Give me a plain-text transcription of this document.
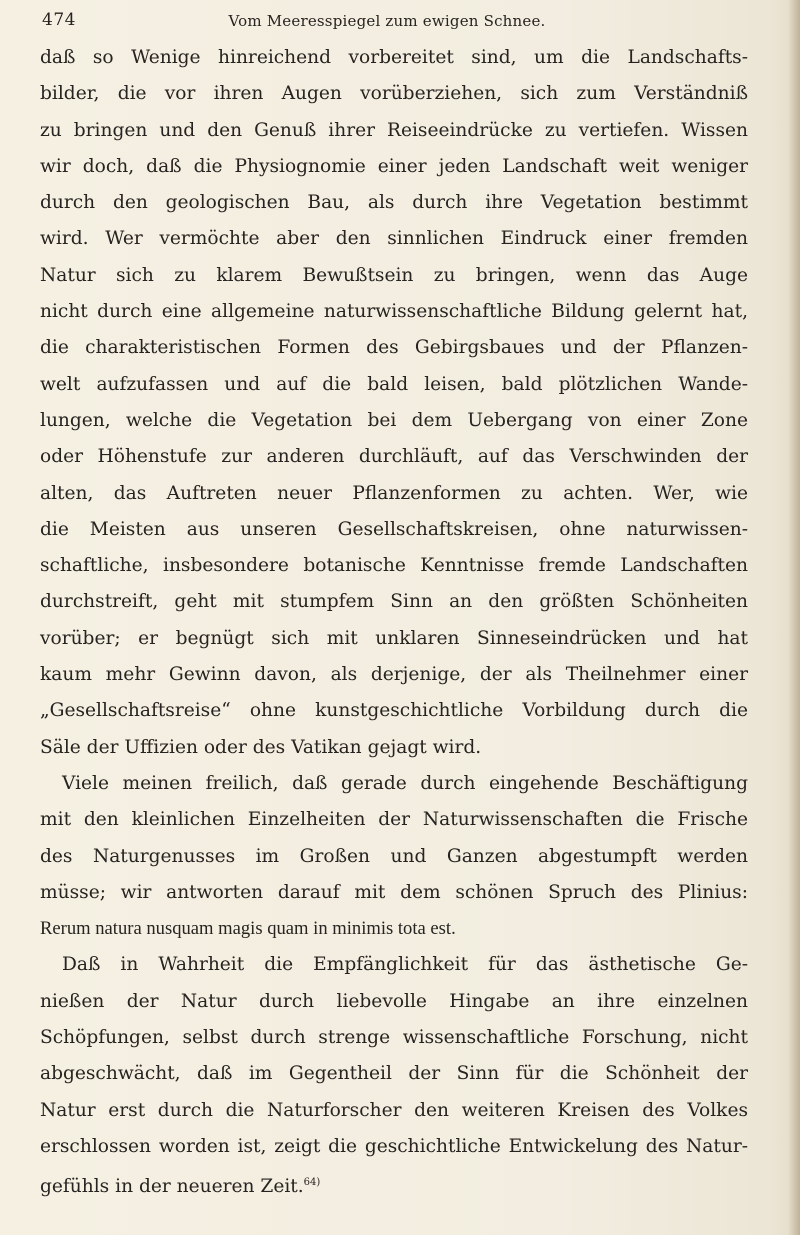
474	Vom Meeresspiegel zum ewigen Schnee.
daß so Wenige hinreichend vorbereitet sind, um die Landschafts-
bilder, die vor ihren Augen vorüberziehen, sich zum Verständniß
zu bringen und den Genuß ihrer Reiseeindrücke zu vertiefen. Wissen
wir doch, daß die Physiognomie einer jeden Landschaft weit weniger
durch den geologischen Bau, als durch ihre Vegetation bestimmt
wird. Wer vermöchte aber den sinnlichen Eindruck einer fremden
Natur sich zu klarem Bewußtsein zu bringen, wenn das Auge
nicht durch eine allgemeine naturwissenschaftliche Bildung gelernt hat,
die charakteristischen Formen des Gebirgsbaues und der Pflanzen-
welt aufzufassen und auf die bald leisen, bald plötzlichen Wande-
lungen, welche die Vegetation bei dem Uebergang von einer Zone
oder Höhenstufe zur anderen durchläuft, auf das Verschwinden der
alten, das Auftreten neuer Pflanzenformen zu achten. Wer, wie
die Meisten aus unseren Gesellschaftskreisen, ohne naturwissen-
schaftliche, insbesondere botanische Kenntnisse fremde Landschaften
durchstreift, geht mit stumpfem Sinn an den größten Schönheiten
vorüber; er begnügt sich mit unklaren Sinneseindrücken und hat
kaum mehr Gewinn davon, als derjenige, der als Theilnehmer einer
„Gesellschaftsreise“ ohne kunstgeschichtliche Vorbildung durch die
Säle der Uffizien oder des Vatikan gejagt wird.
Viele meinen freilich, daß gerade durch eingehende Beschäftigung
mit den kleinlichen Einzelheiten der Naturwissenschaften die Frische
des Naturgenusses im Großen und Ganzen abgestumpft werden
müsse; wir antworten darauf mit dem schönen Spruch des Plinius:
Rerum natura nusquam magis quam in minimis tota est.
Daß in Wahrheit die Empfänglichkeit für das ästhetische Ge-
nießen der Natur durch liebevolle Hingabe an ihre einzelnen
Schöpfungen, selbst durch strenge wissenschaftliche Forschung, nicht
abgeschwächt, daß im Gegentheil der Sinn für die Schönheit der
Natur erst durch die Naturforscher den weiteren Kreisen des Volkes
erschlossen worden ist, zeigt die geschichtliche Entwickelung des Natur-
gefühls in der neueren Zeit.$^{64)}$
